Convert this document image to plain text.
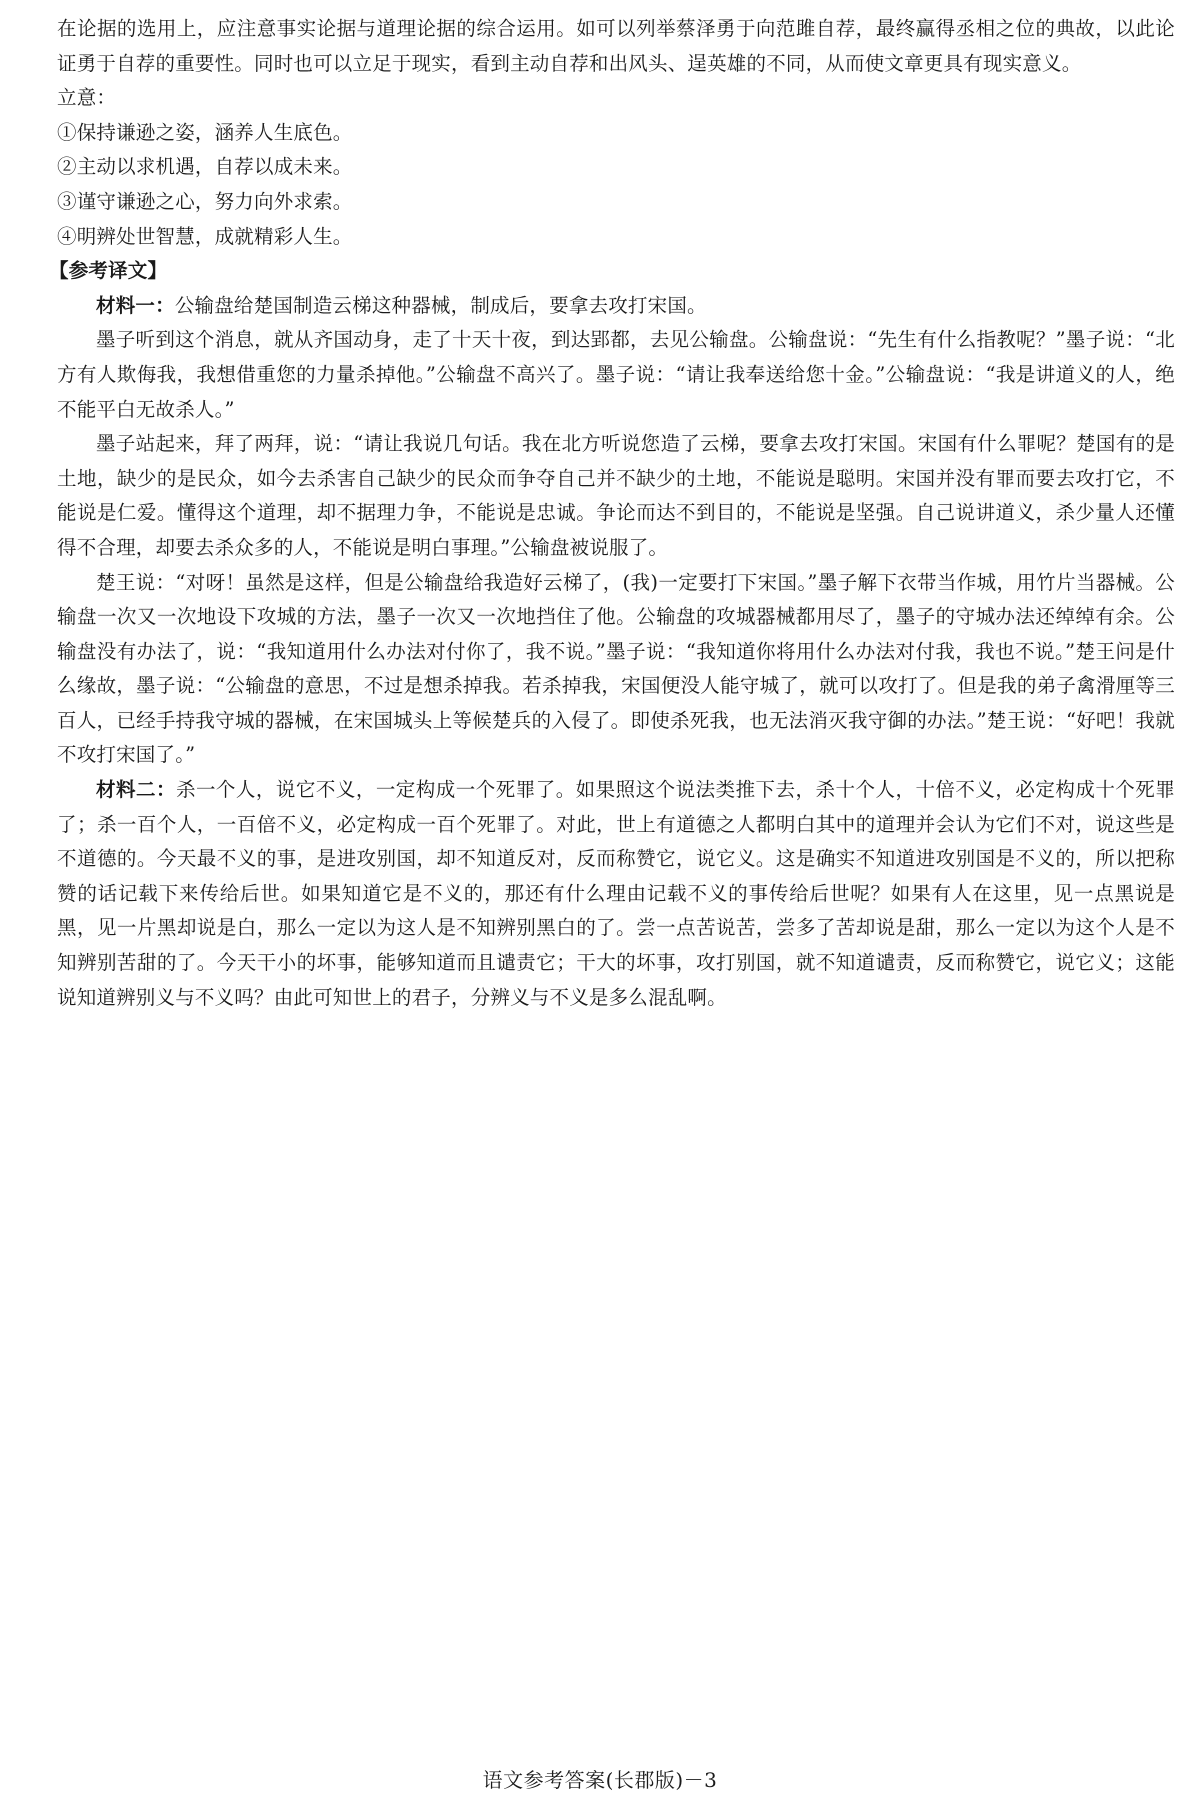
在论据的选用上，应注意事实论据与道理论据的综合运用。如可以列举蔡泽勇于向范雎自荐，最终赢得丞相之位的典故，以此论证勇于自荐的重要性。同时也可以立足于现实，看到主动自荐和出风头、逞英雄的不同，从而使文章更具有现实意义。

立意：

①保持谦逊之姿，涵养人生底色。

②主动以求机遇，自荐以成未来。

③谨守谦逊之心，努力向外求索。

④明辨处世智慧，成就精彩人生。

【参考译文】

材料一：公输盘给楚国制造云梯这种器械，制成后，要拿去攻打宋国。

墨子听到这个消息，就从齐国动身，走了十天十夜，到达郢都，去见公输盘。公输盘说：“先生有什么指教呢？”墨子说：“北方有人欺侮我，我想借重您的力量杀掉他。”公输盘不高兴了。墨子说：“请让我奉送给您十金。”公输盘说：“我是讲道义的人，绝不能平白无故杀人。”

墨子站起来，拜了两拜，说：“请让我说几句话。我在北方听说您造了云梯，要拿去攻打宋国。宋国有什么罪呢？楚国有的是土地，缺少的是民众，如今去杀害自己缺少的民众而争夺自己并不缺少的土地，不能说是聪明。宋国并没有罪而要去攻打它，不能说是仁爱。懂得这个道理，却不据理力争，不能说是忠诚。争论而达不到目的，不能说是坚强。自己说讲道义，杀少量人还懂得不合理，却要去杀众多的人，不能说是明白事理。”公输盘被说服了。

楚王说：“对呀！虽然是这样，但是公输盘给我造好云梯了，(我)一定要打下宋国。”墨子解下衣带当作城，用竹片当器械。公输盘一次又一次地设下攻城的方法，墨子一次又一次地挡住了他。公输盘的攻城器械都用尽了，墨子的守城办法还绰绰有余。公输盘没有办法了，说：“我知道用什么办法对付你了，我不说。”墨子说：“我知道你将用什么办法对付我，我也不说。”楚王问是什么缘故，墨子说：“公输盘的意思，不过是想杀掉我。若杀掉我，宋国便没人能守城了，就可以攻打了。但是我的弟子禽滑厘等三百人，已经手持我守城的器械，在宋国城头上等候楚兵的入侵了。即使杀死我，也无法消灭我守御的办法。”楚王说：“好吧！我就不攻打宋国了。”

材料二：杀一个人，说它不义，一定构成一个死罪了。如果照这个说法类推下去，杀十个人，十倍不义，必定构成十个死罪了；杀一百个人，一百倍不义，必定构成一百个死罪了。对此，世上有道德之人都明白其中的道理并会认为它们不对，说这些是不道德的。今天最不义的事，是进攻别国，却不知道反对，反而称赞它，说它义。这是确实不知道进攻别国是不义的，所以把称赞的话记载下来传给后世。如果知道它是不义的，那还有什么理由记载不义的事传给后世呢？如果有人在这里，见一点黑说是黑，见一片黑却说是白，那么一定以为这人是不知辨别黑白的了。尝一点苦说苦，尝多了苦却说是甜，那么一定以为这个人是不知辨别苦甜的了。今天干小的坏事，能够知道而且谴责它；干大的坏事，攻打别国，就不知道谴责，反而称赞它，说它义；这能说知道辨别义与不义吗？由此可知世上的君子，分辨义与不义是多么混乱啊。

语文参考答案(长郡版)－3
